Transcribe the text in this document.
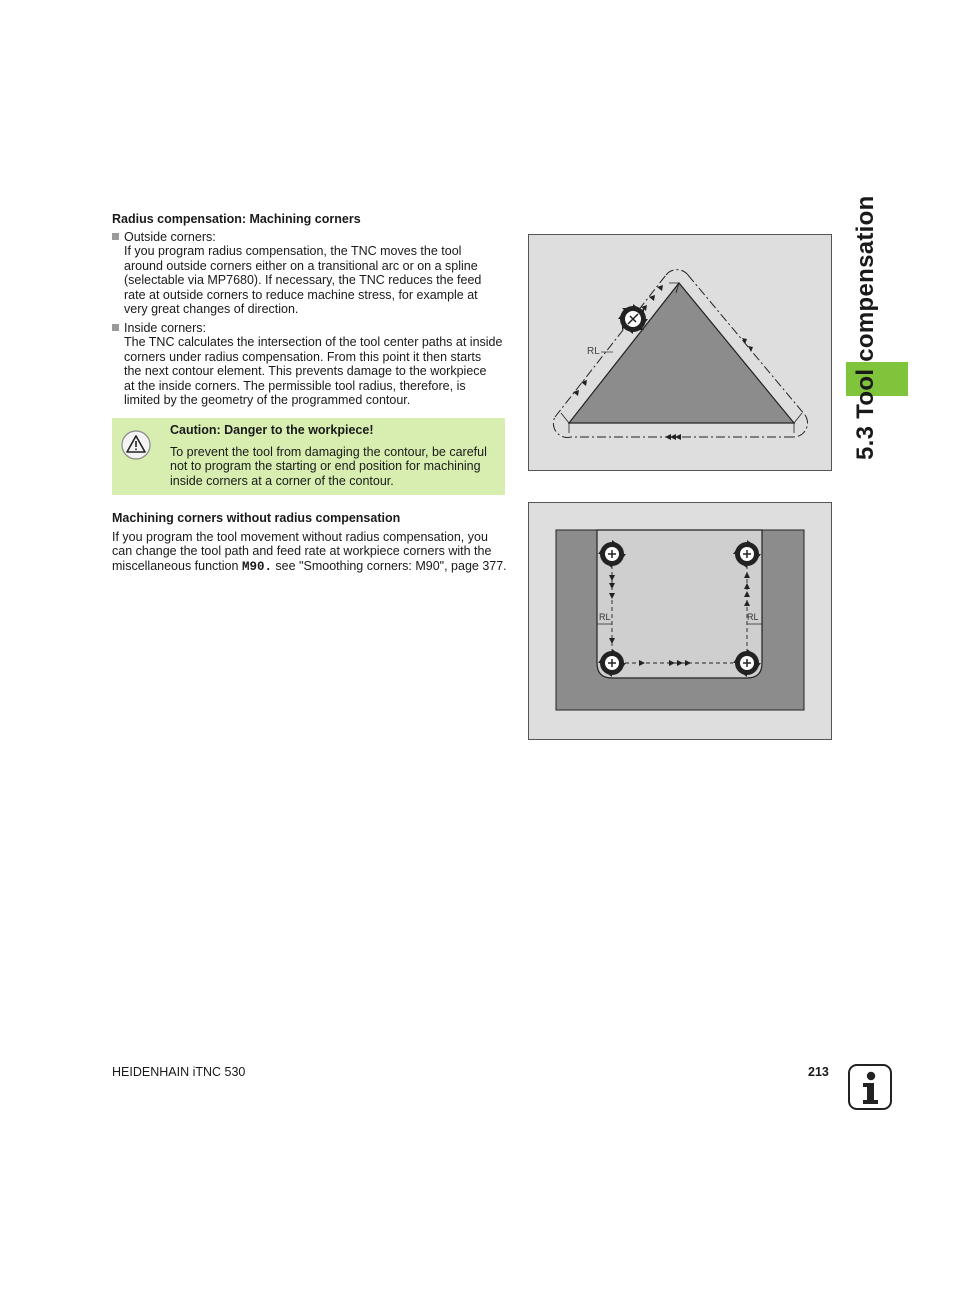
Radius compensation: Machining corners
Outside corners:
If you program radius compensation, the TNC moves the tool
around outside corners either on a transitional arc or on a spline
(selectable via MP7680). If necessary, the TNC reduces the feed
rate at outside corners to reduce machine stress, for example at
very great changes of direction.
Inside corners:
The TNC calculates the intersection of the tool center paths at inside
corners under radius compensation. From this point it then starts
the next contour element. This prevents damage to the workpiece
at the inside corners. The permissible tool radius, therefore, is
limited by the geometry of the programmed contour.
Caution: Danger to the workpiece!
To prevent the tool from damaging the contour, be careful
not to program the starting or end position for machining
inside corners at a corner of the contour.
Machining corners without radius compensation
If you program the tool movement without radius compensation, you
can change the tool path and feed rate at workpiece corners with the
miscellaneous function M90. see "Smoothing corners: M90", page 377.
·
RL
RL	RL
5.3 Tool compensation
HEIDENHAIN iTNC 530	213
